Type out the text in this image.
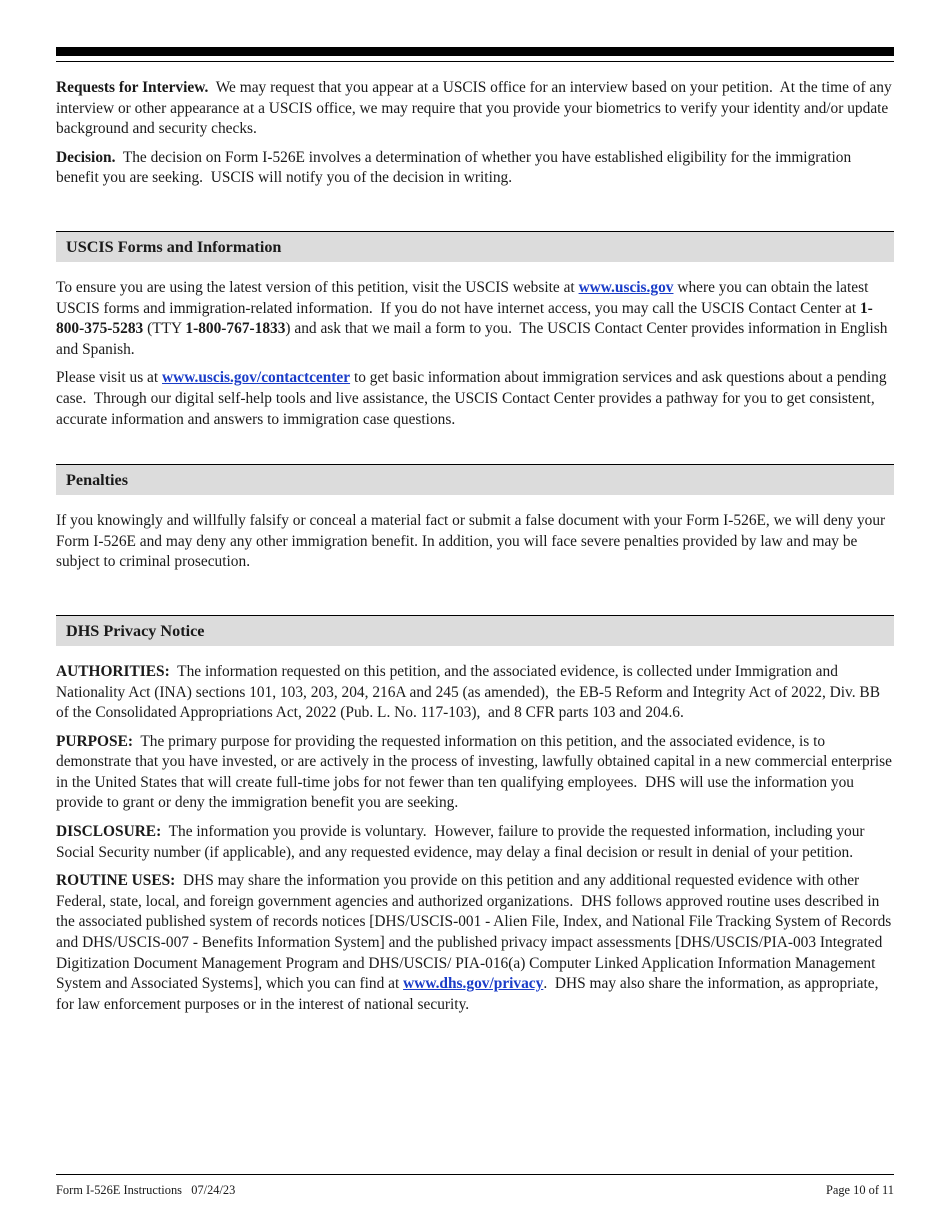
Requests for Interview.  We may request that you appear at a USCIS office for an interview based on your petition.  At the time of any interview or other appearance at a USCIS office, we may require that you provide your biometrics to verify your identity and/or update background and security checks.

Decision.  The decision on Form I-526E involves a determination of whether you have established eligibility for the immigration benefit you are seeking.  USCIS will notify you of the decision in writing.

USCIS Forms and Information

To ensure you are using the latest version of this petition, visit the USCIS website at www.uscis.gov where you can obtain the latest USCIS forms and immigration-related information.  If you do not have internet access, you may call the USCIS Contact Center at 1-800-375-5283 (TTY 1-800-767-1833) and ask that we mail a form to you.  The USCIS Contact Center provides information in English and Spanish.

Please visit us at www.uscis.gov/contactcenter to get basic information about immigration services and ask questions about a pending case.  Through our digital self-help tools and live assistance, the USCIS Contact Center provides a pathway for you to get consistent, accurate information and answers to immigration case questions.

Penalties

If you knowingly and willfully falsify or conceal a material fact or submit a false document with your Form I-526E, we will deny your Form I-526E and may deny any other immigration benefit. In addition, you will face severe penalties provided by law and may be subject to criminal prosecution.

DHS Privacy Notice

AUTHORITIES:  The information requested on this petition, and the associated evidence, is collected under Immigration and Nationality Act (INA) sections 101, 103, 203, 204, 216A and 245 (as amended),  the EB-5 Reform and Integrity Act of 2022, Div. BB of the Consolidated Appropriations Act, 2022 (Pub. L. No. 117-103),  and 8 CFR parts 103 and 204.6.

PURPOSE:  The primary purpose for providing the requested information on this petition, and the associated evidence, is to demonstrate that you have invested, or are actively in the process of investing, lawfully obtained capital in a new commercial enterprise in the United States that will create full-time jobs for not fewer than ten qualifying employees.  DHS will use the information you provide to grant or deny the immigration benefit you are seeking.

DISCLOSURE:  The information you provide is voluntary.  However, failure to provide the requested information, including your Social Security number (if applicable), and any requested evidence, may delay a final decision or result in denial of your petition.

ROUTINE USES:  DHS may share the information you provide on this petition and any additional requested evidence with other Federal, state, local, and foreign government agencies and authorized organizations.  DHS follows approved routine uses described in the associated published system of records notices [DHS/USCIS-001 - Alien File, Index, and National File Tracking System of Records and DHS/USCIS-007 - Benefits Information System] and the published privacy impact assessments [DHS/USCIS/PIA-003 Integrated Digitization Document Management Program and DHS/USCIS/ PIA-016(a) Computer Linked Application Information Management System and Associated Systems], which you can find at www.dhs.gov/privacy.  DHS may also share the information, as appropriate, for law enforcement purposes or in the interest of national security.

Form I-526E Instructions   07/24/23	Page 10 of 11
